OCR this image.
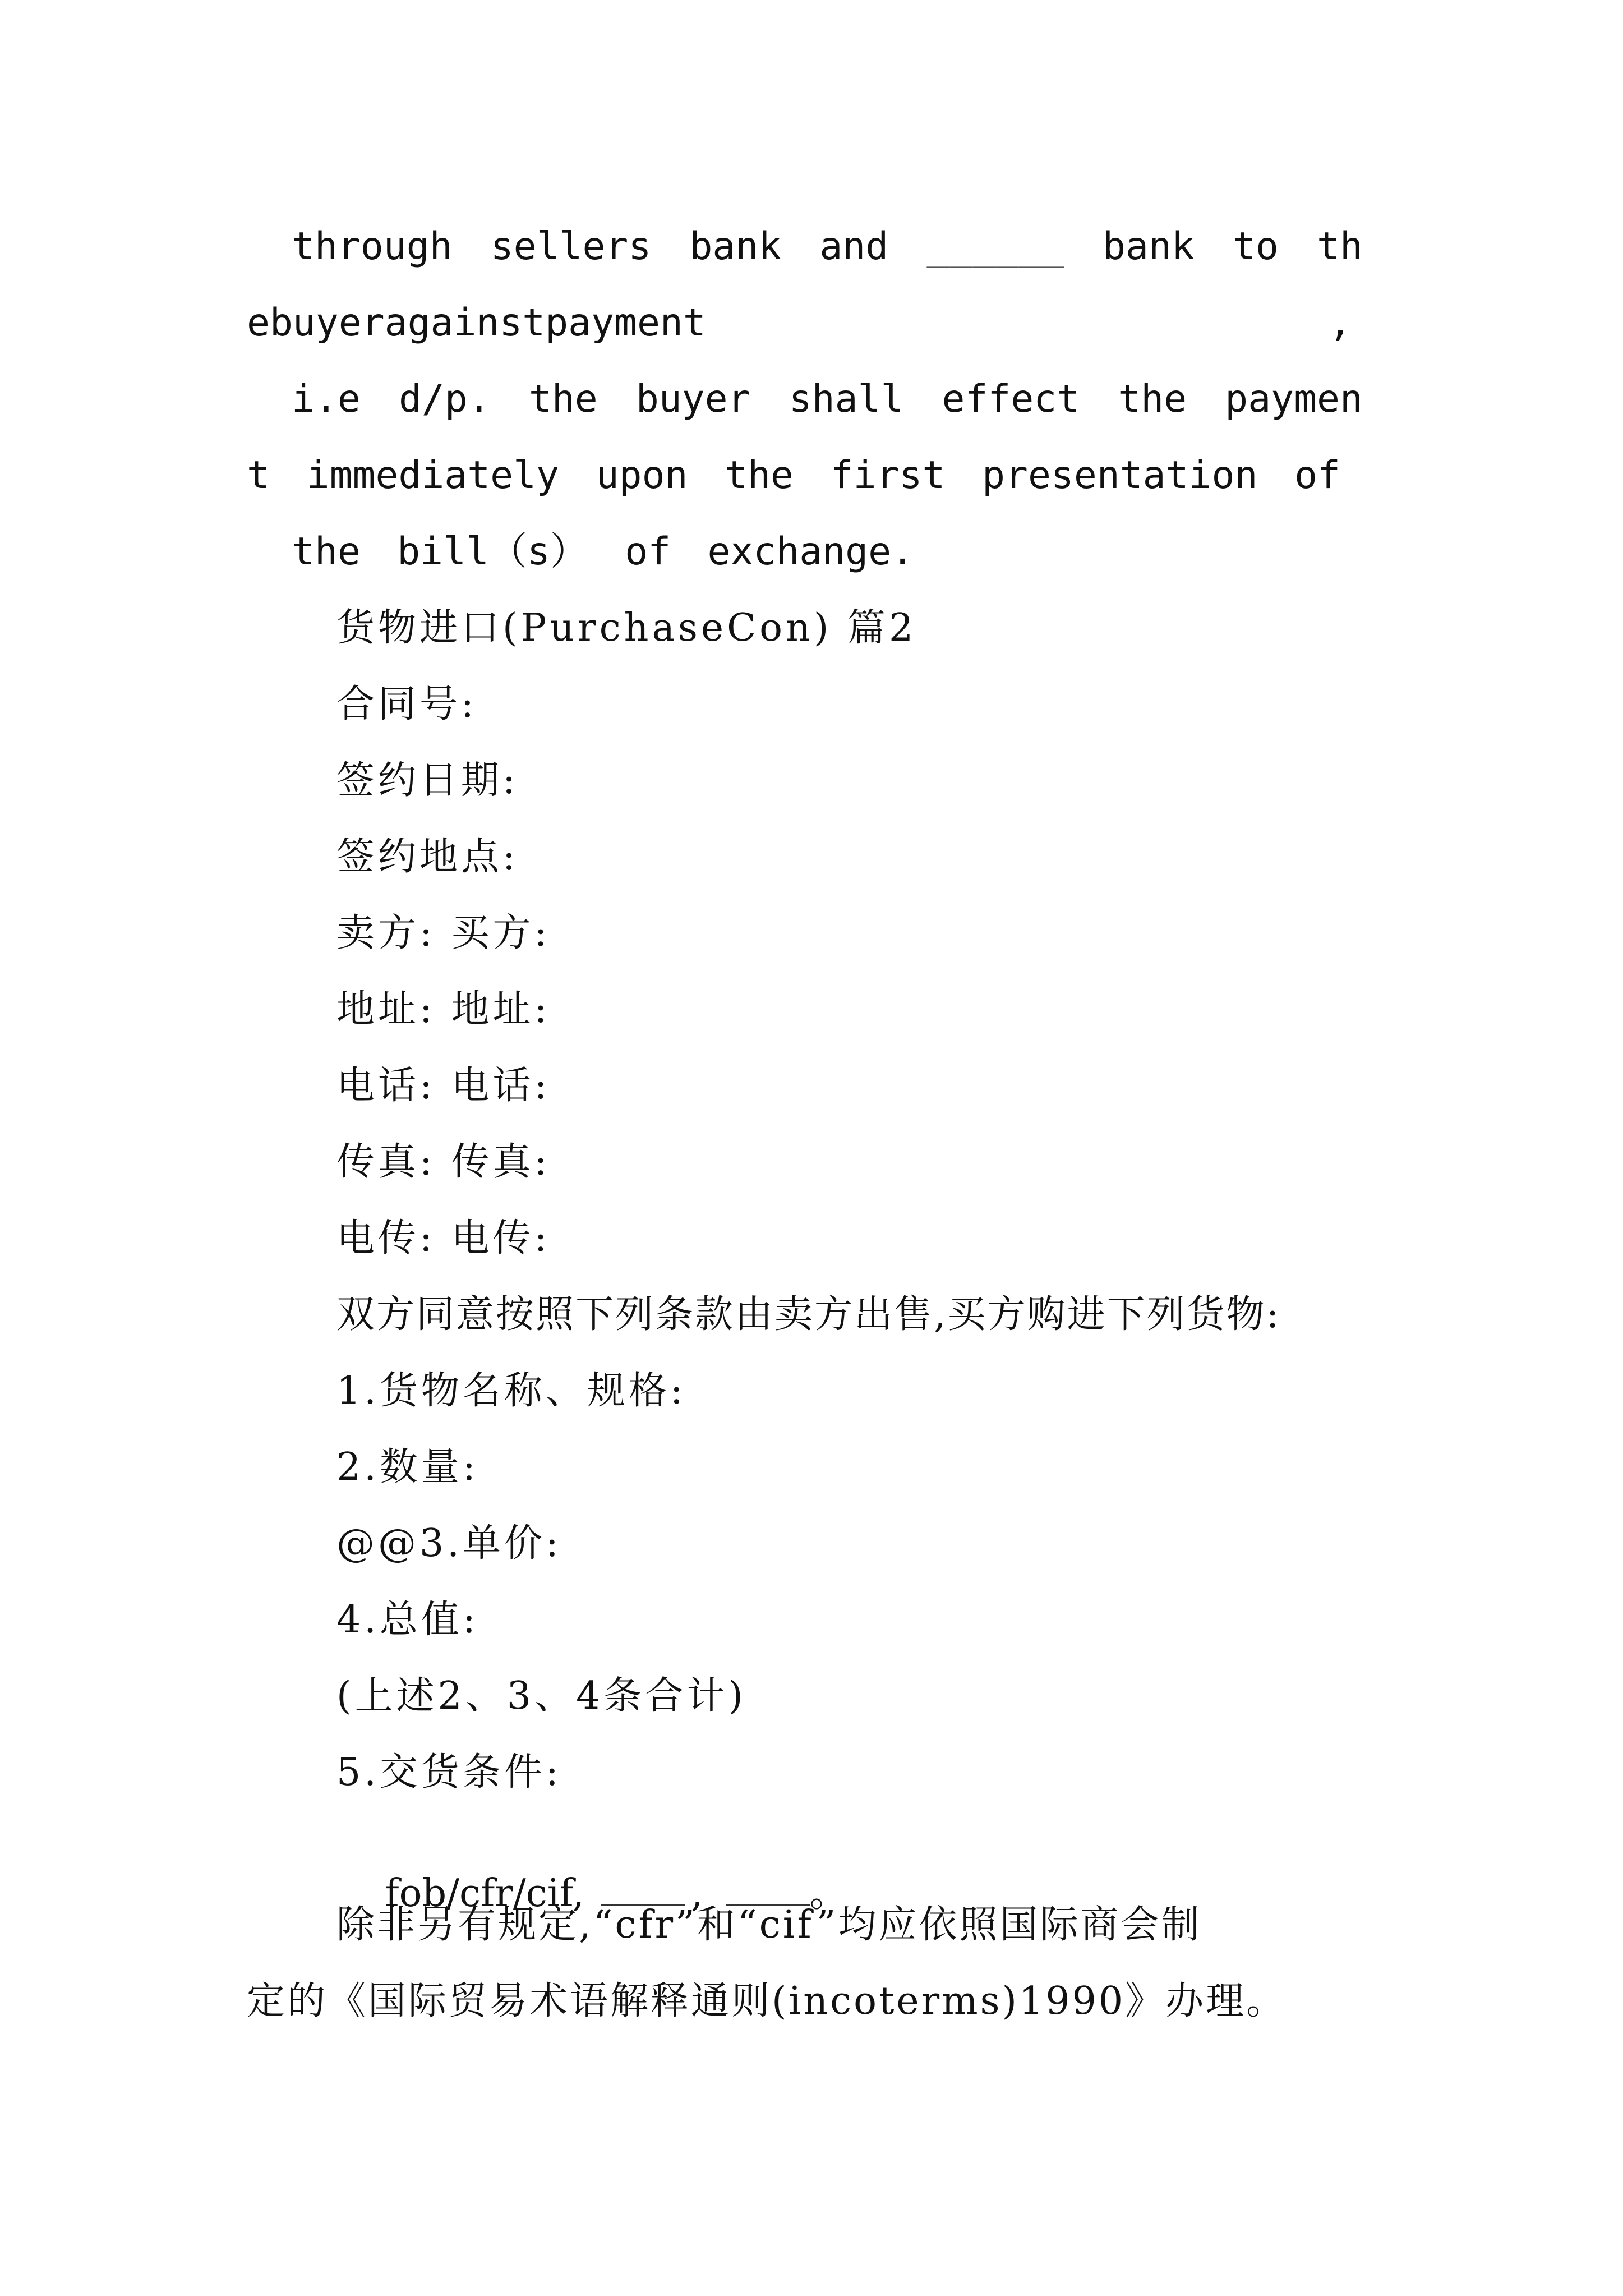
through sellers bank and ______ bank to th
e buyer against payment	,
i.e d/p. the buyer shall effect the paymen
t immediately upon the first presentation of
the bill（s） of exchange.
货物进口(PurchaseCon) 篇2
合同号:
签约日期:
签约地点:
卖方: 买方:
地址: 地址:
电话: 电话:
传真: 传真:
电传: 电传:
双方同意按照下列条款由卖方出售,买方购进下列货物:
1.货物名称、规格:
2.数量:
@@3.单价:
4.总值:
(上述2、3、4条合计)
5.交货条件:

fob/cfr/cif,	,	。

除非另有规定,“cfr”和“cif”均应依照国际商会制
定的《国际贸易术语解释通则(incoterms)1990》办理。
